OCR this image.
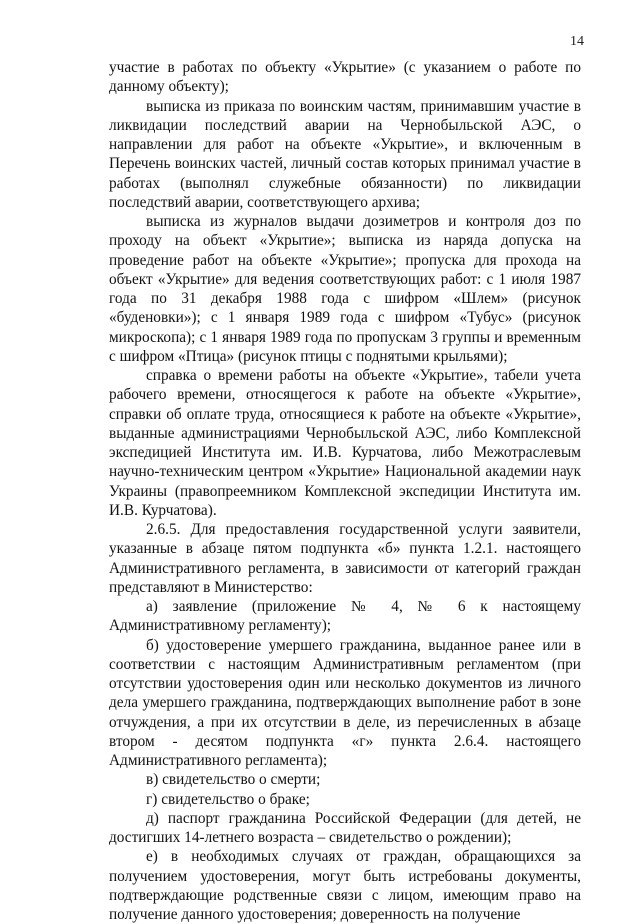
14

участие в работах по объекту «Укрытие» (с указанием о работе по данному объекту);

выписка из приказа по воинским частям, принимавшим участие в ликвидации последствий аварии на Чернобыльской АЭС, о направлении для работ на объекте «Укрытие», и включенным в Перечень воинских частей, личный состав которых принимал участие в работах (выполнял служебные обязанности) по ликвидации последствий аварии, соответствующего архива;

выписка из журналов выдачи дозиметров и контроля доз по проходу на объект «Укрытие»; выписка из наряда допуска на проведение работ на объекте «Укрытие»; пропуска для прохода на объект «Укрытие» для ведения соответствующих работ: с 1 июля 1987 года по 31 декабря 1988 года с шифром «Шлем» (рисунок «буденовки»); с 1 января 1989 года с шифром «Тубус» (рисунок микроскопа); с 1 января 1989 года по пропускам 3 группы и временным с шифром «Птица» (рисунок птицы с поднятыми крыльями);

справка о времени работы на объекте «Укрытие», табели учета рабочего времени, относящегося к работе на объекте «Укрытие», справки об оплате труда, относящиеся к работе на объекте «Укрытие», выданные администрациями Чернобыльской АЭС, либо Комплексной экспедицией Института им. И.В. Курчатова, либо Межотраслевым научно-техническим центром «Укрытие» Национальной академии наук Украины (правопреемником Комплексной экспедиции Института им. И.В. Курчатова).

2.6.5. Для предоставления государственной услуги заявители, указанные в абзаце пятом подпункта «б» пункта 1.2.1. настоящего Административного регламента, в зависимости от категорий граждан представляют в Министерство:

а) заявление (приложение № 4, № 6 к настоящему Административному регламенту);

б) удостоверение умершего гражданина, выданное ранее или в соответствии с настоящим Административным регламентом (при отсутствии удостоверения один или несколько документов из личного дела умершего гражданина, подтверждающих выполнение работ в зоне отчуждения, а при их отсутствии в деле, из перечисленных в абзаце втором - десятом подпункта «г» пункта 2.6.4. настоящего Административного регламента);

в) свидетельство о смерти;

г) свидетельство о браке;

д) паспорт гражданина Российской Федерации (для детей, не достигших 14-летнего возраста – свидетельство о рождении);

е) в необходимых случаях от граждан, обращающихся за получением удостоверения, могут быть истребованы документы, подтверждающие родственные связи с лицом, имеющим право на получение данного удостоверения; доверенность на получение
